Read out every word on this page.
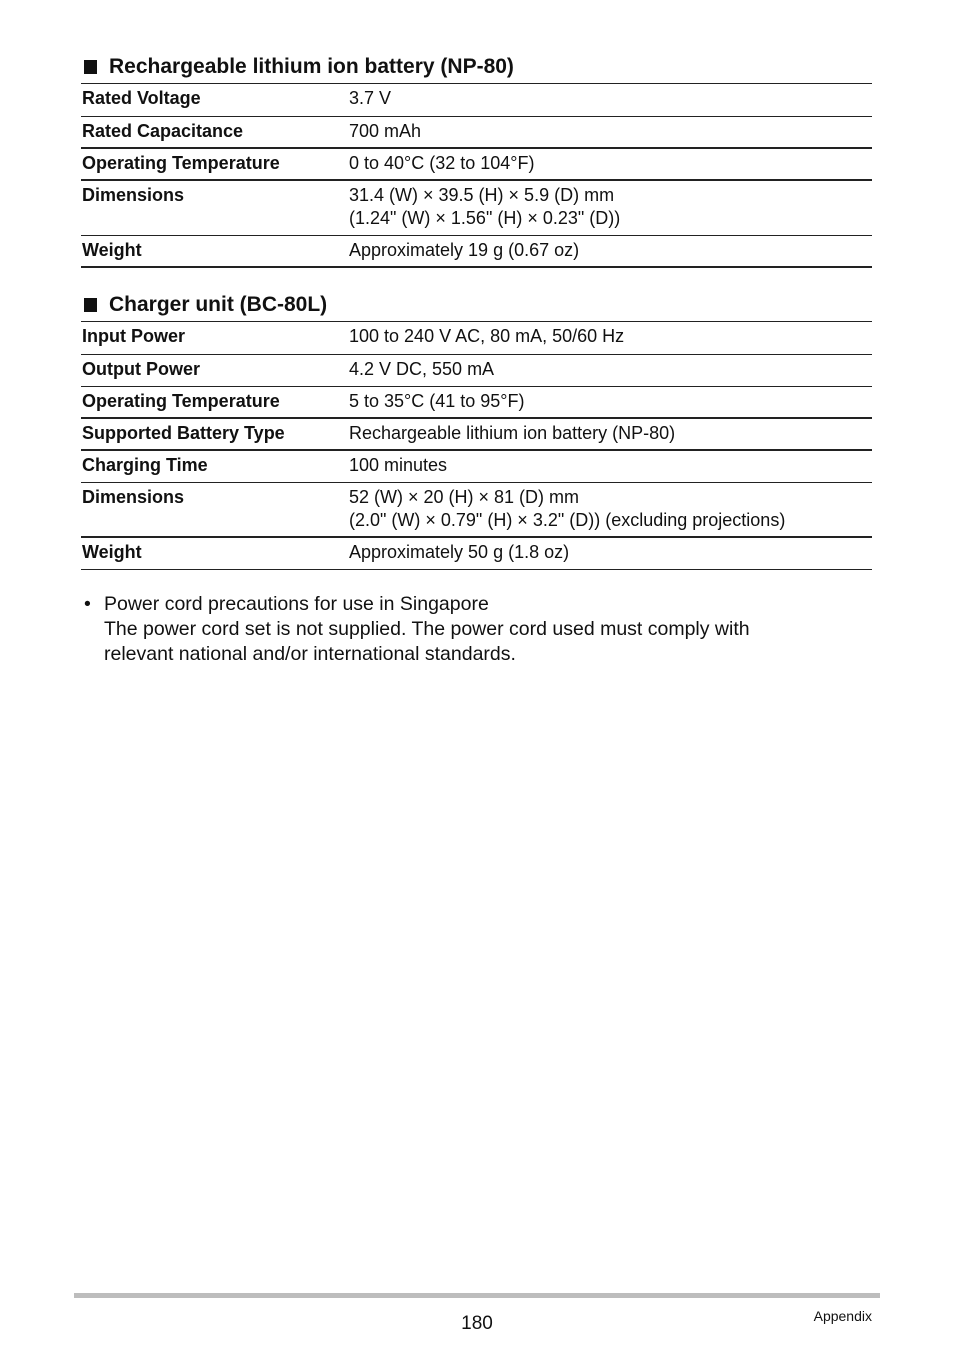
Rechargeable lithium ion battery (NP-80)
Rated Voltage	3.7 V
Rated Capacitance	700 mAh
Operating Temperature	0 to 40°C (32 to 104°F)
Dimensions	31.4 (W) × 39.5 (H) × 5.9 (D) mm
(1.24" (W) × 1.56" (H) × 0.23" (D))

Weight	Approximately 19 g (0.67 oz)
Charger unit (BC-80L)
Input Power	100 to 240 V AC, 80 mA, 50/60 Hz
Output Power	4.2 V DC, 550 mA
Operating Temperature	5 to 35°C (41 to 95°F)
Supported Battery Type	Rechargeable lithium ion battery (NP-80)
Charging Time	100 minutes
Dimensions	52 (W) × 20 (H) × 81 (D) mm
(2.0" (W) × 0.79" (H) × 3.2" (D)) (excluding projections)

Weight	Approximately 50 g (1.8 oz)
• Power cord precautions for use in Singapore
The power cord set is not supplied. The power cord used must comply with
relevant national and/or international standards.
180	Appendix
